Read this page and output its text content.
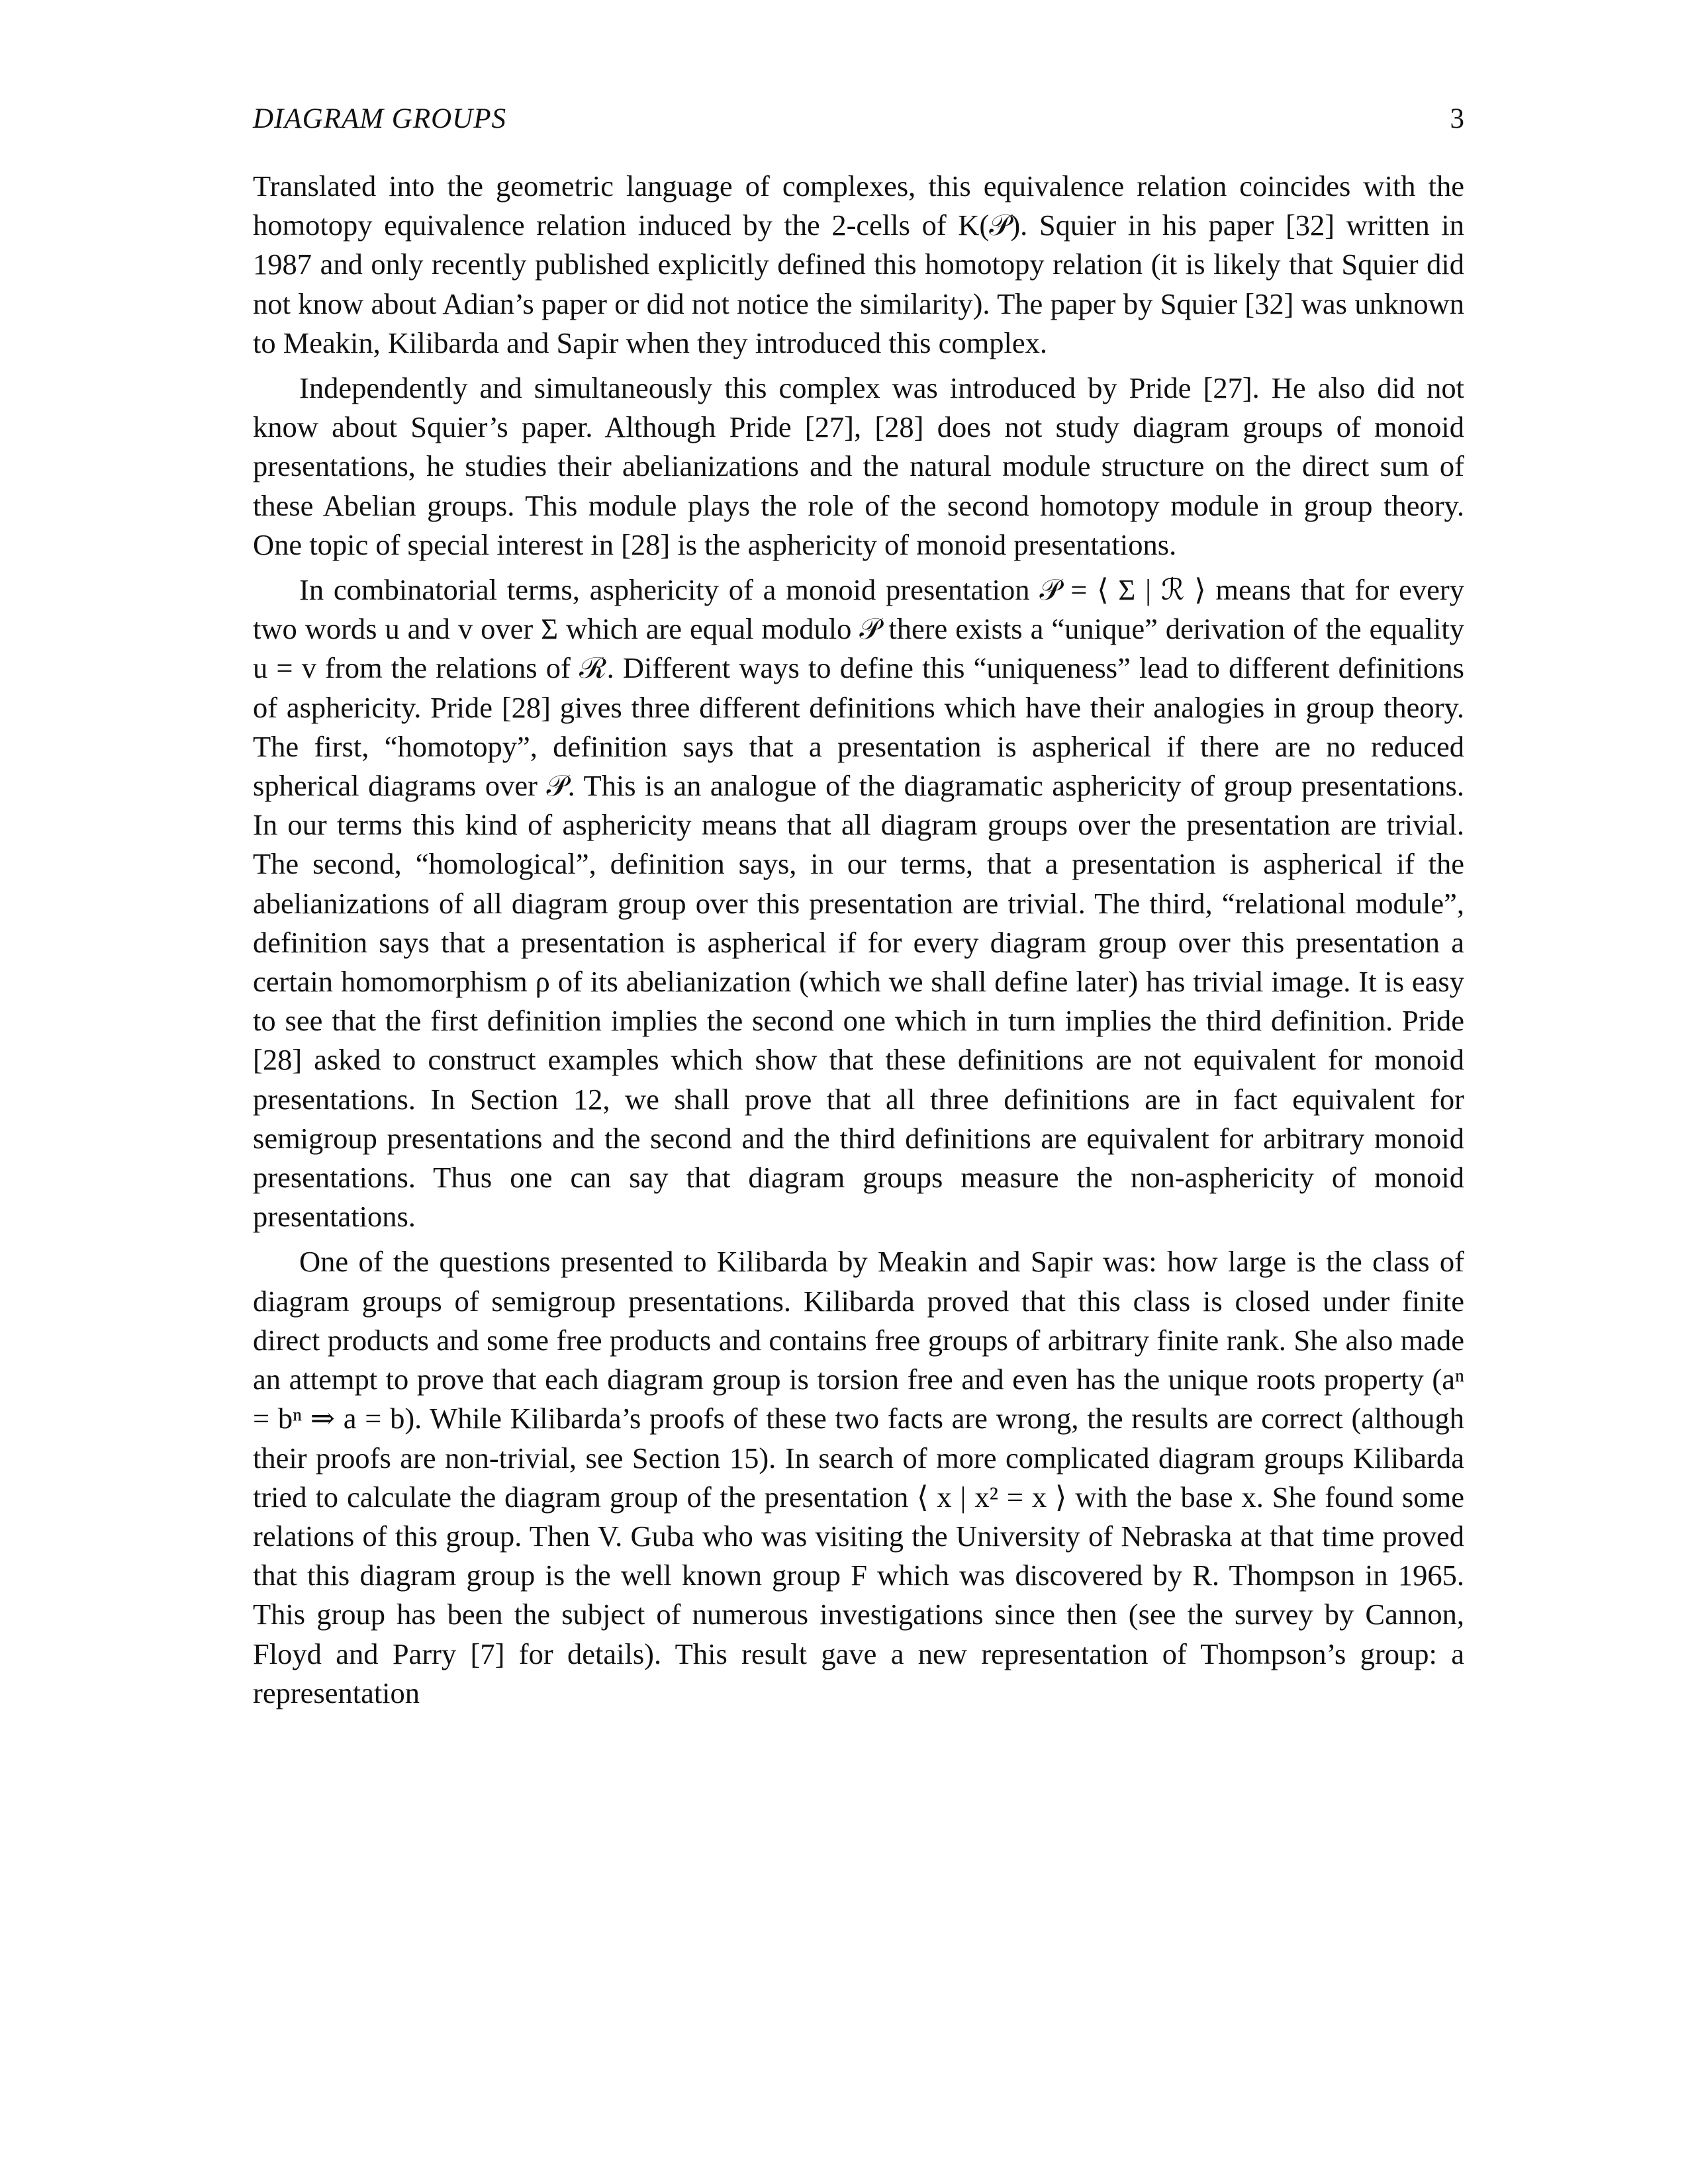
DIAGRAM GROUPS	3

Translated into the geometric language of complexes, this equivalence relation coincides with the homotopy equivalence relation induced by the 2-cells of K(𝒫). Squier in his paper [32] written in 1987 and only recently published explicitly defined this homotopy relation (it is likely that Squier did not know about Adian’s paper or did not notice the similarity). The paper by Squier [32] was unknown to Meakin, Kilibarda and Sapir when they introduced this complex.

Independently and simultaneously this complex was introduced by Pride [27]. He also did not know about Squier’s paper. Although Pride [27], [28] does not study diagram groups of monoid presentations, he studies their abelianizations and the natural module structure on the direct sum of these Abelian groups. This module plays the role of the second homotopy module in group theory. One topic of special interest in [28] is the asphericity of monoid presentations.

In combinatorial terms, asphericity of a monoid presentation 𝒫 = ⟨ Σ | ℛ ⟩ means that for every two words u and v over Σ which are equal modulo 𝒫 there exists a “unique” derivation of the equality u = v from the relations of ℛ. Different ways to define this “uniqueness” lead to different definitions of asphericity. Pride [28] gives three different definitions which have their analogies in group theory. The first, “homotopy”, definition says that a presentation is aspherical if there are no reduced spherical diagrams over 𝒫. This is an analogue of the diagramatic asphericity of group presentations. In our terms this kind of asphericity means that all diagram groups over the presentation are trivial. The second, “homological”, definition says, in our terms, that a presentation is aspherical if the abelianizations of all diagram group over this presentation are trivial. The third, “relational module”, definition says that a presentation is aspherical if for every diagram group over this presentation a certain homomorphism ρ of its abelianization (which we shall define later) has trivial image. It is easy to see that the first definition implies the second one which in turn implies the third definition. Pride [28] asked to construct examples which show that these definitions are not equivalent for monoid presentations. In Section 12, we shall prove that all three definitions are in fact equivalent for semigroup presentations and the second and the third definitions are equivalent for arbitrary monoid presentations. Thus one can say that diagram groups measure the non-asphericity of monoid presentations.

One of the questions presented to Kilibarda by Meakin and Sapir was: how large is the class of diagram groups of semigroup presentations. Kilibarda proved that this class is closed under finite direct products and some free products and contains free groups of arbitrary finite rank. She also made an attempt to prove that each diagram group is torsion free and even has the unique roots property (aⁿ = bⁿ ⇒ a = b). While Kilibarda’s proofs of these two facts are wrong, the results are correct (although their proofs are non-trivial, see Section 15). In search of more complicated diagram groups Kilibarda tried to calculate the diagram group of the presentation ⟨ x | x² = x ⟩ with the base x. She found some relations of this group. Then V. Guba who was visiting the University of Nebraska at that time proved that this diagram group is the well known group F which was discovered by R. Thompson in 1965. This group has been the subject of numerous investigations since then (see the survey by Cannon, Floyd and Parry [7] for details). This result gave a new representation of Thompson’s group: a representation
